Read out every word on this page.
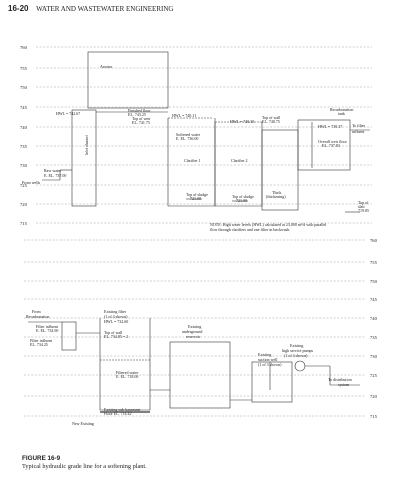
16-20 WATER AND WASTEWATER ENGINEERING
760
755
750
745
740
735
730
725
720
715
Aerator
Inlet channel
HWL = 742.67
Raw water
E. EL. 737.00
From wells
Finished floor
EL. 743.25
Top of weir
EL. 741.75
HWL = 740.11
Softened water
E. EL. 736.00
HWL = 740.35
Top of wall
EL. 740.75
Recarbonation
tank
HWL = 739.37 To filter
influent
Overall weir floor
EL. 737.83
Clarifier 1	Clarifier 2
Top of sludge
721.00	Top of sludge
721.00
Thick
(thickening)
Top of
slab
719.85
NOTE: High water levels (HWL) calculated at 23,000 m³/d with parallel
flow through clarifiers and one filter in backwash.
760
755
750
745
740
735
730
725
720
715
From
Recarbonation
Existing filter
(1 of 4 shown)
HWL = 732.60
Filter influent
E. EL. 734.90	Top of wall
EL. 734.85 = 2
Filter influent
EL. 734.25
Existing
underground
reservoir
Filtered water
E. EL. 718.00
Existing
high service pumps
(1 of 4 shown)
Existing
suction well
(1 of 3 shown)
To distribution
system
Existing sub-basement
Floor EL. 714.42
New Existing
FIGURE 16-9
Typical hydraulic grade line for a softening plant.
